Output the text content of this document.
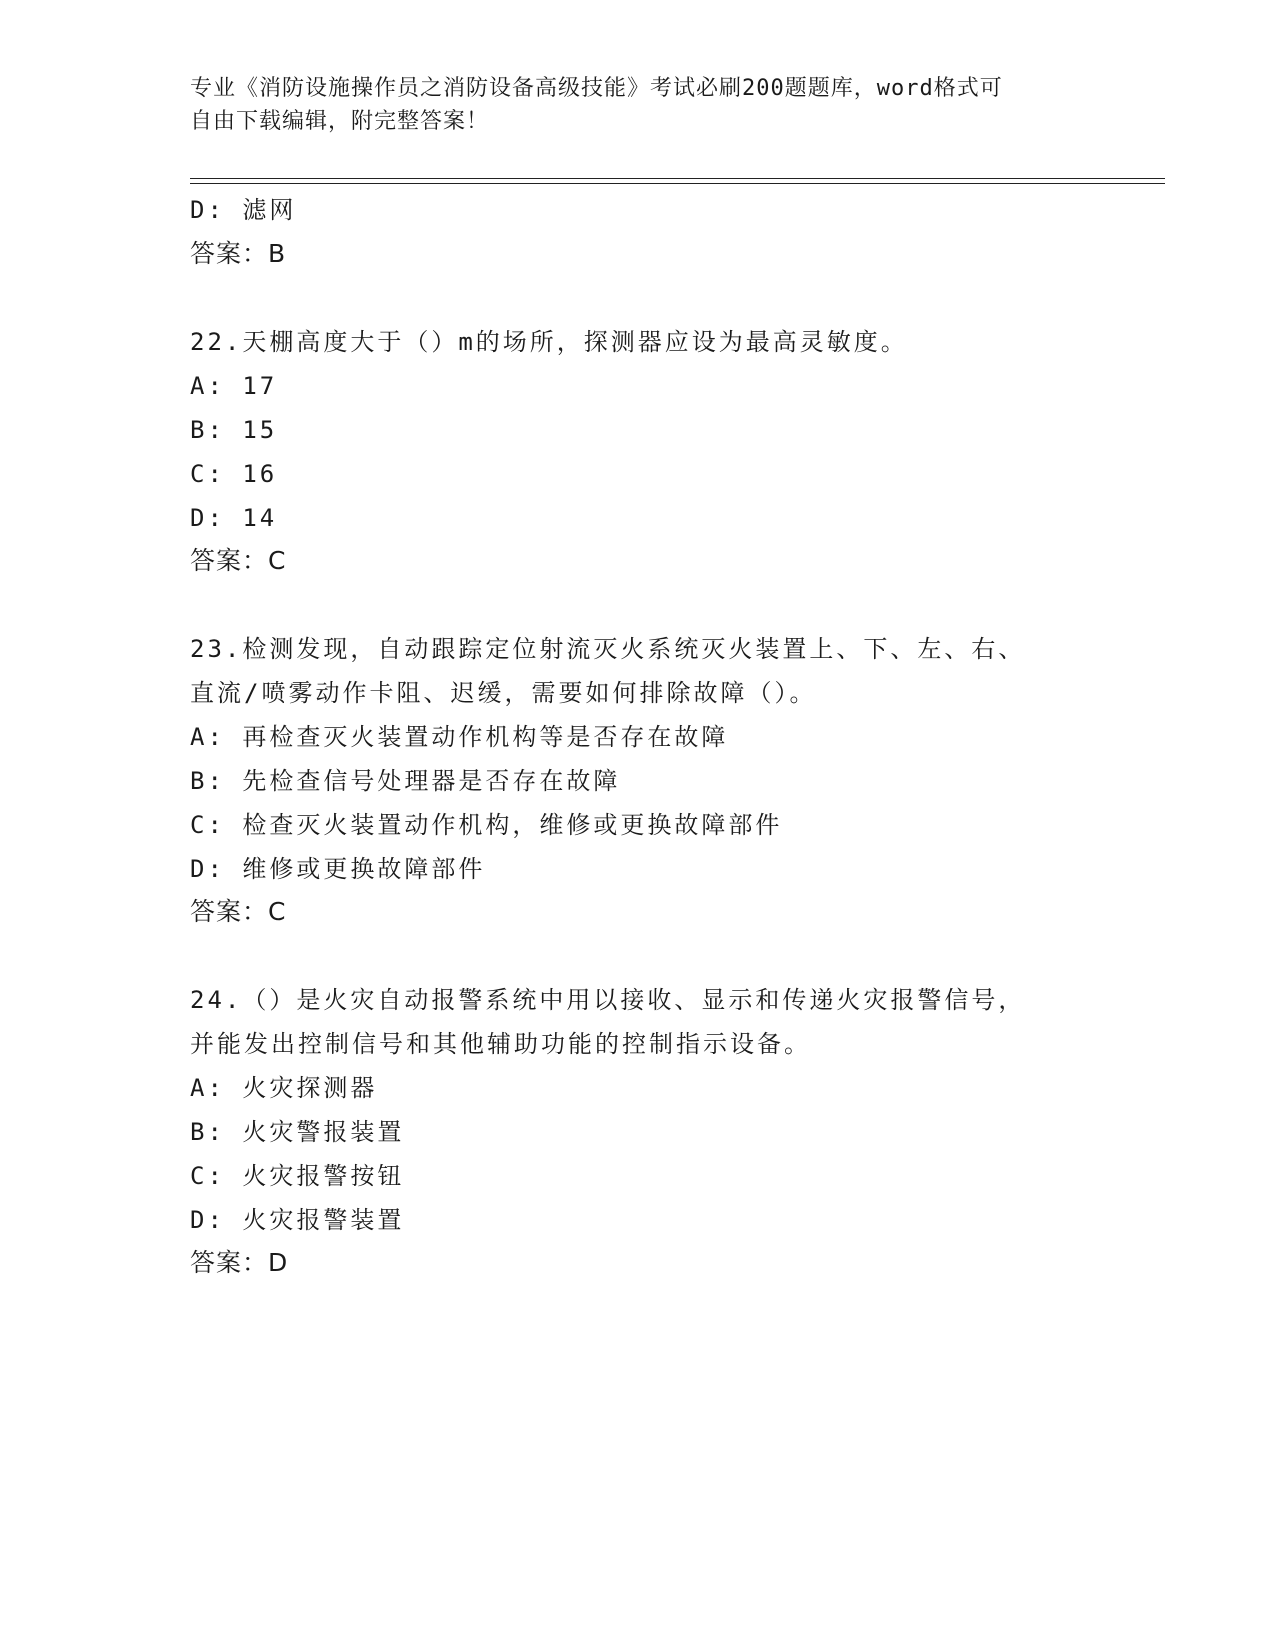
专业《消防设施操作员之消防设备高级技能》考试必刷200题题库，word格式可
自由下载编辑，附完整答案！
D: 滤网
答案：B
22.天棚高度大于（）m的场所，探测器应设为最高灵敏度。
A: 17
B: 15
C: 16
D: 14
答案：C
23.检测发现，自动跟踪定位射流灭火系统灭火装置上、下、左、右、
直流/喷雾动作卡阻、迟缓，需要如何排除故障（）。
A: 再检查灭火装置动作机构等是否存在故障
B: 先检查信号处理器是否存在故障
C: 检查灭火装置动作机构，维修或更换故障部件
D: 维修或更换故障部件
答案：C
24.（）是火灾自动报警系统中用以接收、显示和传递火灾报警信号，
并能发出控制信号和其他辅助功能的控制指示设备。
A: 火灾探测器
B: 火灾警报装置
C: 火灾报警按钮
D: 火灾报警装置
答案：D
